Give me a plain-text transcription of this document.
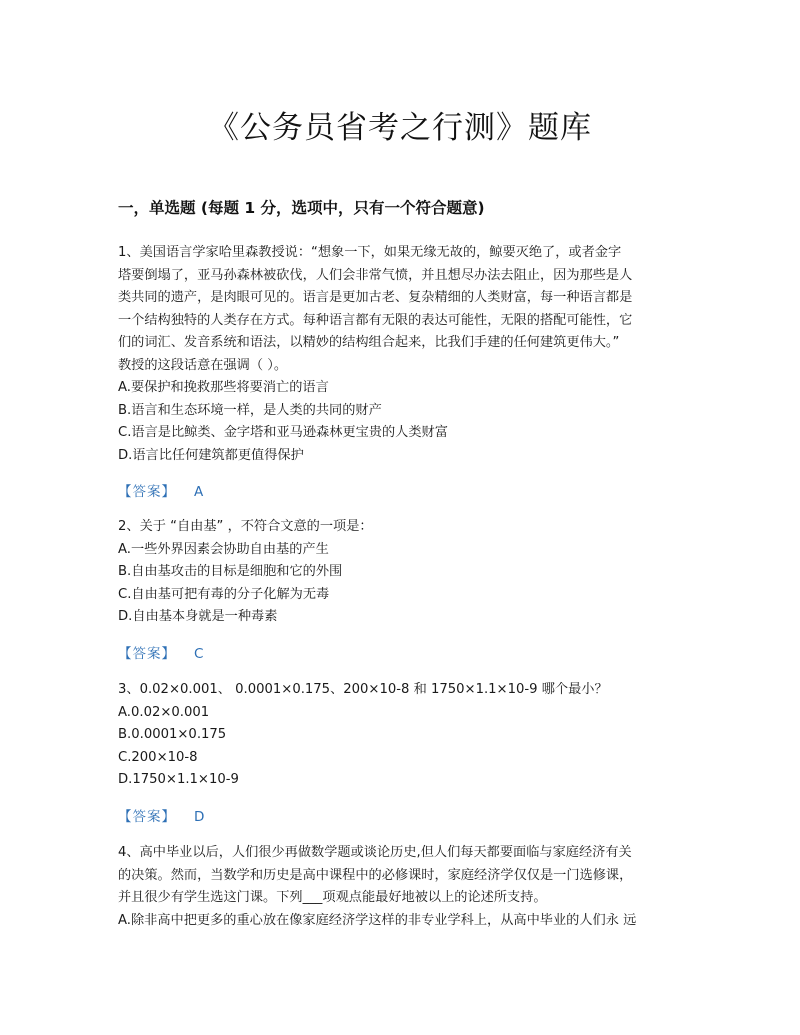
《公务员省考之行测》题库
一，单选题 (每题 1 分，选项中，只有一个符合题意)
1、美国语言学家哈里森教授说：“想象一下，如果无缘无故的，鲸要灭绝了，或者金字
塔要倒塌了，亚马孙森林被砍伐，人们会非常气愤，并且想尽办法去阻止，因为那些是人
类共同的遗产，是肉眼可见的。语言是更加古老、复杂精细的人类财富，每一种语言都是
一个结构独特的人类存在方式。每种语言都有无限的表达可能性，无限的搭配可能性，它
们的词汇、发音系统和语法，以精妙的结构组合起来，比我们手建的任何建筑更伟大。”
教授的这段话意在强调（ ）。
A.要保护和挽救那些将要消亡的语言
B.语言和生态环境一样，是人类的共同的财产
C.语言是比鲸类、金字塔和亚马逊森林更宝贵的人类财富
D.语言比任何建筑都更值得保护
【答案】 A
2、关于 “自由基” ，不符合文意的一项是：
A.一些外界因素会协助自由基的产生
B.自由基攻击的目标是细胞和它的外围
C.自由基可把有毒的分子化解为无毒
D.自由基本身就是一种毒素
【答案】 C
3、0.02×0.001、 0.0001×0.175、200×10-8 和 1750×1.1×10-9 哪个最小？
A.0.02×0.001
B.0.0001×0.175
C.200×10-8
D.1750×1.1×10-9
【答案】 D
4、高中毕业以后，人们很少再做数学题或谈论历史,但人们每天都要面临与家庭经济有关
的决策。然而，当数学和历史是高中课程中的必修课时，家庭经济学仅仅是一门选修课，
并且很少有学生选这门课。下列___项观点能最好地被以上的论述所支持。
A.除非高中把更多的重心放在像家庭经济学这样的非专业学科上，从高中毕业的人们永 远
